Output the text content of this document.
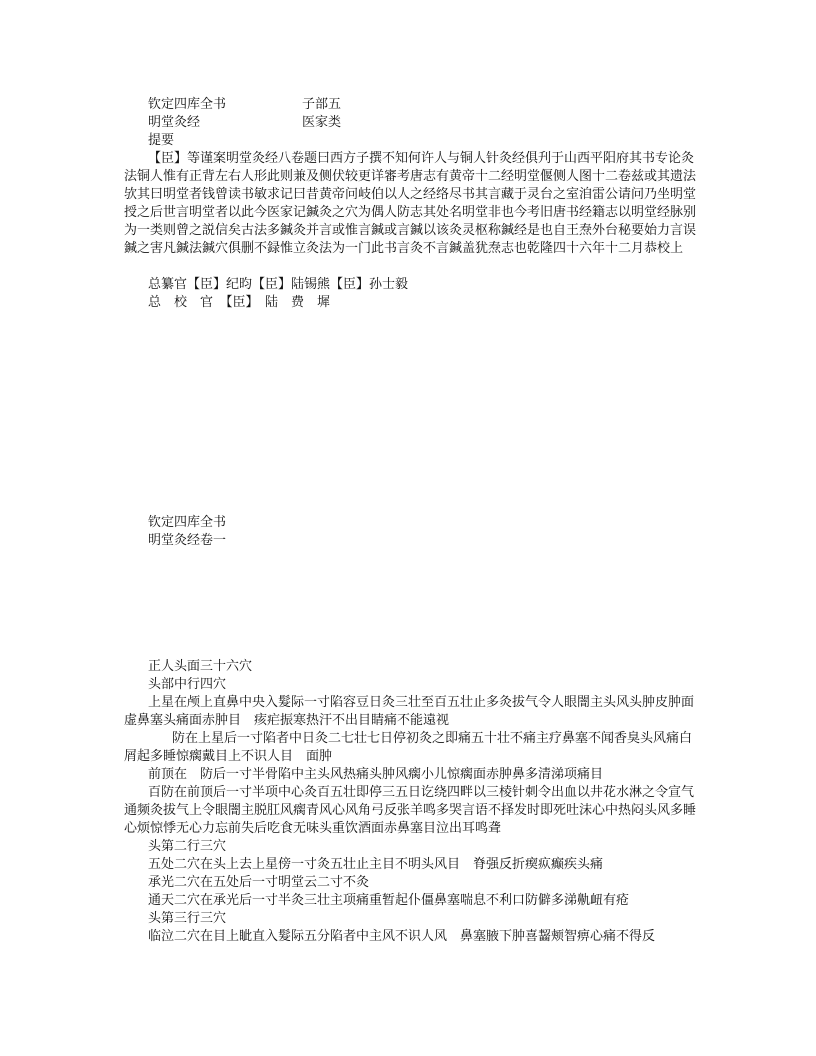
钦定四库全书	子部五
明堂灸经	医家类
提要
【臣】等谨案明堂灸经八卷题曰西方子撰不知何许人与铜人针灸经俱刋于山西平阳府其书专论灸法铜人惟有正背左右人形此则兼及侧伏较更详審考唐志有黄帝十二经明堂偃侧人图十二卷兹或其遗法欤其曰明堂者钱曾读书敏求记曰昔黄帝问岐伯以人之经络尽书其言藏于灵台之室洎雷公请问乃坐明堂授之后世言明堂者以此今医家记鍼灸之穴为偶人防志其处名明堂非也今考旧唐书经籍志以明堂经脉别为一类则曾之説信矣古法多鍼灸并言或惟言鍼或言鍼以该灸灵枢称鍼经是也自王焘外台秘要始力言误鍼之害凡鍼法鍼穴俱删不録惟立灸法为一门此书言灸不言鍼盖犹焘志也乾隆四十六年十二月恭校上
总纂官【臣】纪昀【臣】陆锡熊【臣】孙士毅
总　校　官　【臣】　陆　费　墀
钦定四库全书
明堂灸经卷一
正人头面三十六穴
头部中行四穴
上星在颅上直鼻中央入髮际一寸陷容豆日灸三壮至百五壮止多灸拔气令人眼闇主头风头肿皮肿面虚鼻塞头痛面赤肿目　痎疟振寒热汗不出目睛痛不能遠视
防在上星后一寸陷者中日灸二七壮七日停初灸之即痛五十壮不痛主疗鼻塞不闻香臭头风痛白屑起多睡惊瘸戴目上不识人目　面肿
前顶在　防后一寸半骨陷中主头风热痛头肿风瘸小儿惊瘸面赤肿鼻多清涕项痛目
百防在前顶后一寸半项中心灸百五壮即停三五日讫绕四畔以三棱针刺令出血以井花水淋之令宣气通频灸拔气上令眼闇主脱肛风瘸青风心风角弓反张羊鸣多哭言语不择发时即死吐沫心中热闷头风多睡心烦惊悸无心力忘前失后吃食无味头重饮酒面赤鼻塞目泣出耳鸣聋
头第二行三穴
五处二穴在头上去上星傍一寸灸五壮止主目不明头风目　脊强反折瘈疭癫疾头痛
承光二穴在五处后一寸明堂云二寸不灸
通天二穴在承光后一寸半灸三壮主项痛重暂起仆僵鼻塞喘息不利口防僻多涕鼽衄有疮
头第三行三穴
临泣二穴在目上眦直入髮际五分陷者中主风不识人风　鼻塞腋下肿喜齧颊智痹心痛不得反
